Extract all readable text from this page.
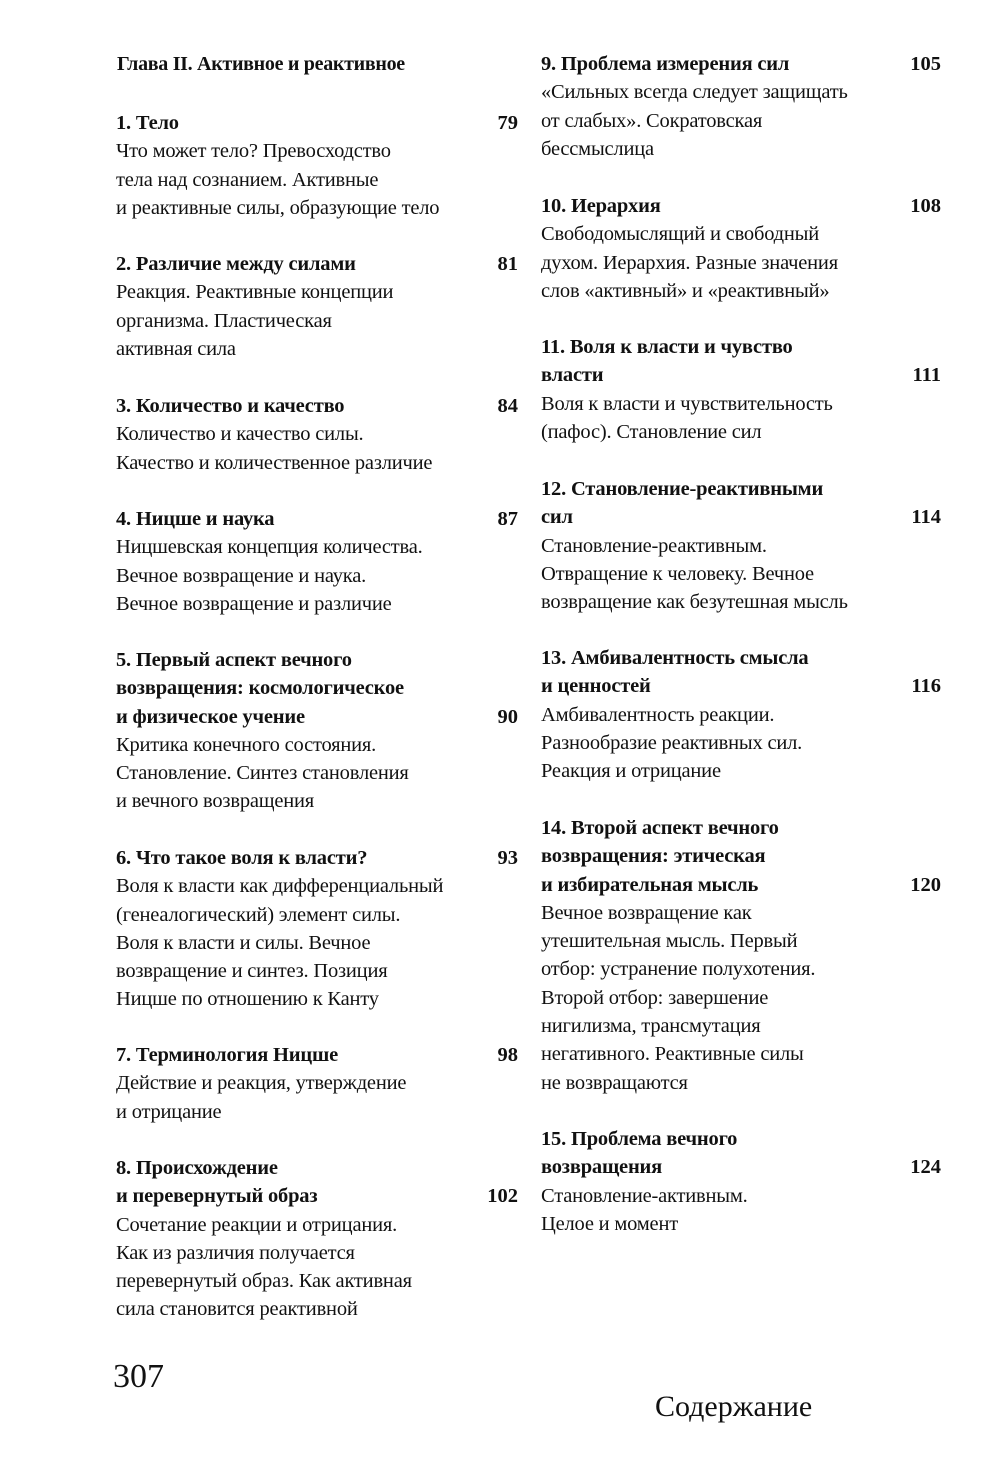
Глава II. Активное и реактивное
1. Тело	79
Что может тело? Превосходство
тела над сознанием. Активные
и реактивные силы, образующие тело
2. Различие между силами	81
Реакция. Реактивные концепции
организма. Пластическая
активная сила
3. Количество и качество	84
Количество и качество силы.
Качество и количественное различие
4. Ницше и наука	87
Ницшевская концепция количества.
Вечное возвращение и наука.
Вечное возвращение и различие
5. Первый аспект вечного
возвращения: космологическое
и физическое учение	90
Критика конечного состояния.
Становление. Синтез становления
и вечного возвращения
6. Что такое воля к власти?	93
Воля к власти как дифференциальный
(генеалогический) элемент силы.
Воля к власти и силы. Вечное
возвращение и синтез. Позиция
Ницше по отношению к Канту
7. Терминология Ницше	98
Действие и реакция, утверждение
и отрицание
8. Происхождение
и перевернутый образ	102
Сочетание реакции и отрицания.
Как из различия получается
перевернутый образ. Как активная
сила становится реактивной
9. Проблема измерения сил	105
«Сильных всегда следует защищать
от слабых». Сократовская
бессмыслица
10. Иерархия	108
Свободомыслящий и свободный
духом. Иерархия. Разные значения
слов «активный» и «реактивный»
11. Воля к власти и чувство
власти	111
Воля к власти и чувствительность
(пафос). Становление сил
12. Становление-реактивными
сил	114
Становление-реактивным.
Отвращение к человеку. Вечное
возвращение как безутешная мысль
13. Амбивалентность смысла
и ценностей	116
Амбивалентность реакции.
Разнообразие реактивных сил.
Реакция и отрицание
14. Второй аспект вечного
возвращения: этическая
и избирательная мысль	120
Вечное возвращение как
утешительная мысль. Первый
отбор: устранение полухотения.
Второй отбор: завершение
нигилизма, трансмутация
негативного. Реактивные силы
не возвращаются
15. Проблема вечного
возвращения	124
Становление-активным.
Целое и момент
307
Содержание
